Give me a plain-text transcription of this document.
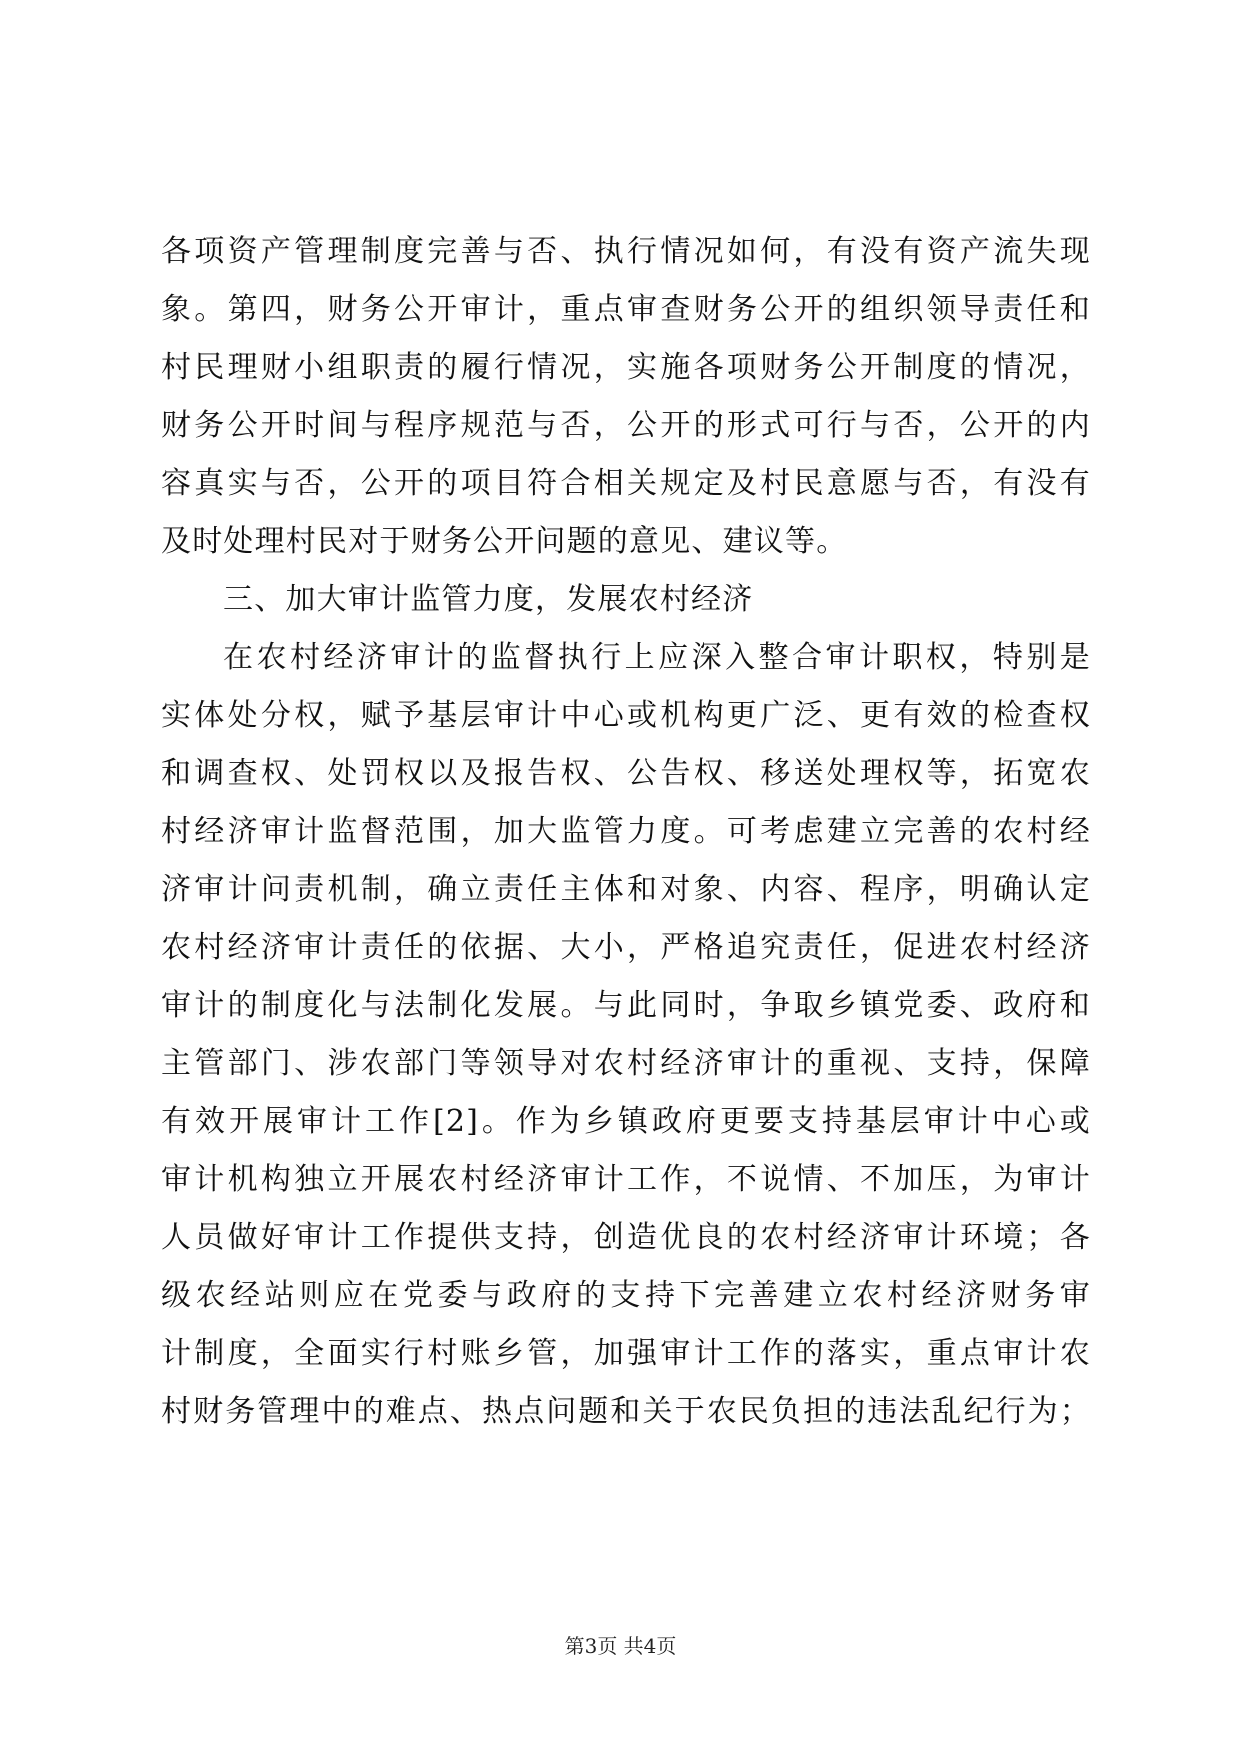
各项资产管理制度完善与否、执行情况如何，有没有资产流失现
象。第四，财务公开审计，重点审查财务公开的组织领导责任和
村民理财小组职责的履行情况，实施各项财务公开制度的情况，
财务公开时间与程序规范与否，公开的形式可行与否，公开的内
容真实与否，公开的项目符合相关规定及村民意愿与否，有没有
及时处理村民对于财务公开问题的意见、建议等。
三、加大审计监管力度，发展农村经济
在农村经济审计的监督执行上应深入整合审计职权，特别是
实体处分权，赋予基层审计中心或机构更广泛、更有效的检查权
和调查权、处罚权以及报告权、公告权、移送处理权等，拓宽农
村经济审计监督范围，加大监管力度。可考虑建立完善的农村经
济审计问责机制，确立责任主体和对象、内容、程序，明确认定
农村经济审计责任的依据、大小，严格追究责任，促进农村经济
审计的制度化与法制化发展。与此同时，争取乡镇党委、政府和
主管部门、涉农部门等领导对农村经济审计的重视、支持，保障
有效开展审计工作[2]。作为乡镇政府更要支持基层审计中心或
审计机构独立开展农村经济审计工作，不说情、不加压，为审计
人员做好审计工作提供支持，创造优良的农村经济审计环境；各
级农经站则应在党委与政府的支持下完善建立农村经济财务审
计制度，全面实行村账乡管，加强审计工作的落实，重点审计农
村财务管理中的难点、热点问题和关于农民负担的违法乱纪行为；
第3页 共4页
